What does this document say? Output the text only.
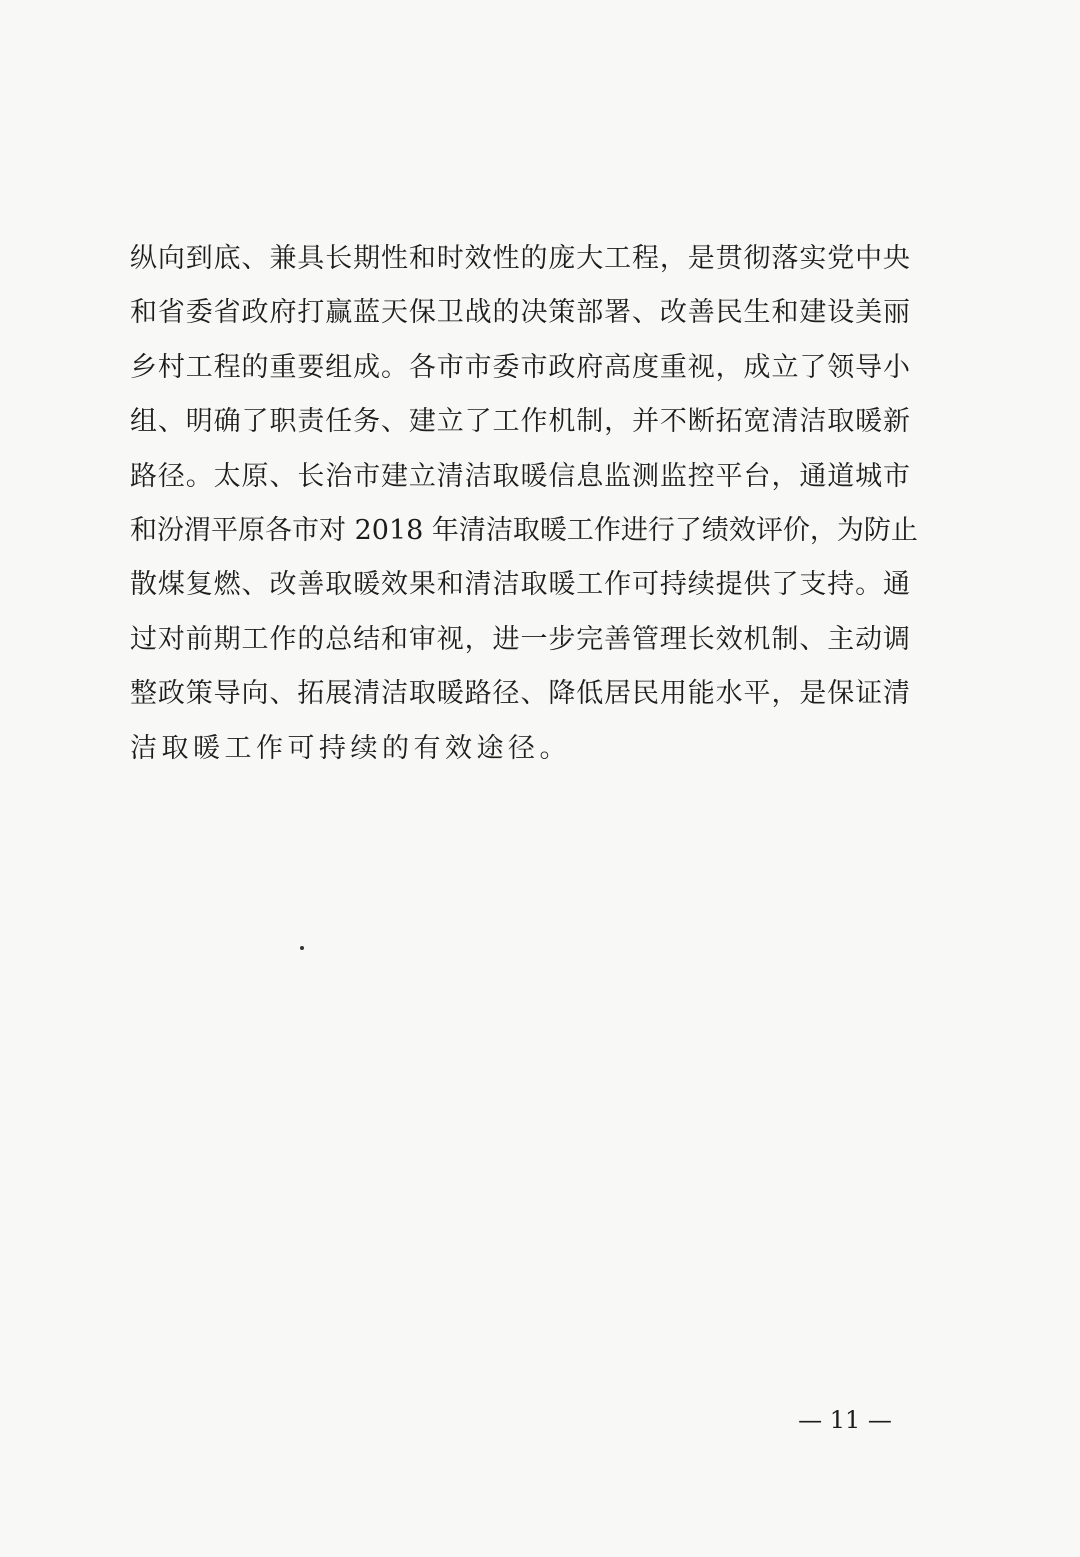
纵向到底、兼具长期性和时效性的庞大工程，是贯彻落实党中央
和省委省政府打赢蓝天保卫战的决策部署、改善民生和建设美丽
乡村工程的重要组成。各市市委市政府高度重视，成立了领导小
组、明确了职责任务、建立了工作机制，并不断拓宽清洁取暖新
路径。太原、长治市建立清洁取暖信息监测监控平台，通道城市
和汾渭平原各市对 2018 年清洁取暖工作进行了绩效评价，为防止
散煤复燃、改善取暖效果和清洁取暖工作可持续提供了支持。通
过对前期工作的总结和审视，进一步完善管理长效机制、主动调
整政策导向、拓展清洁取暖路径、降低居民用能水平，是保证清
洁取暖工作可持续的有效途径。
— 11 —
